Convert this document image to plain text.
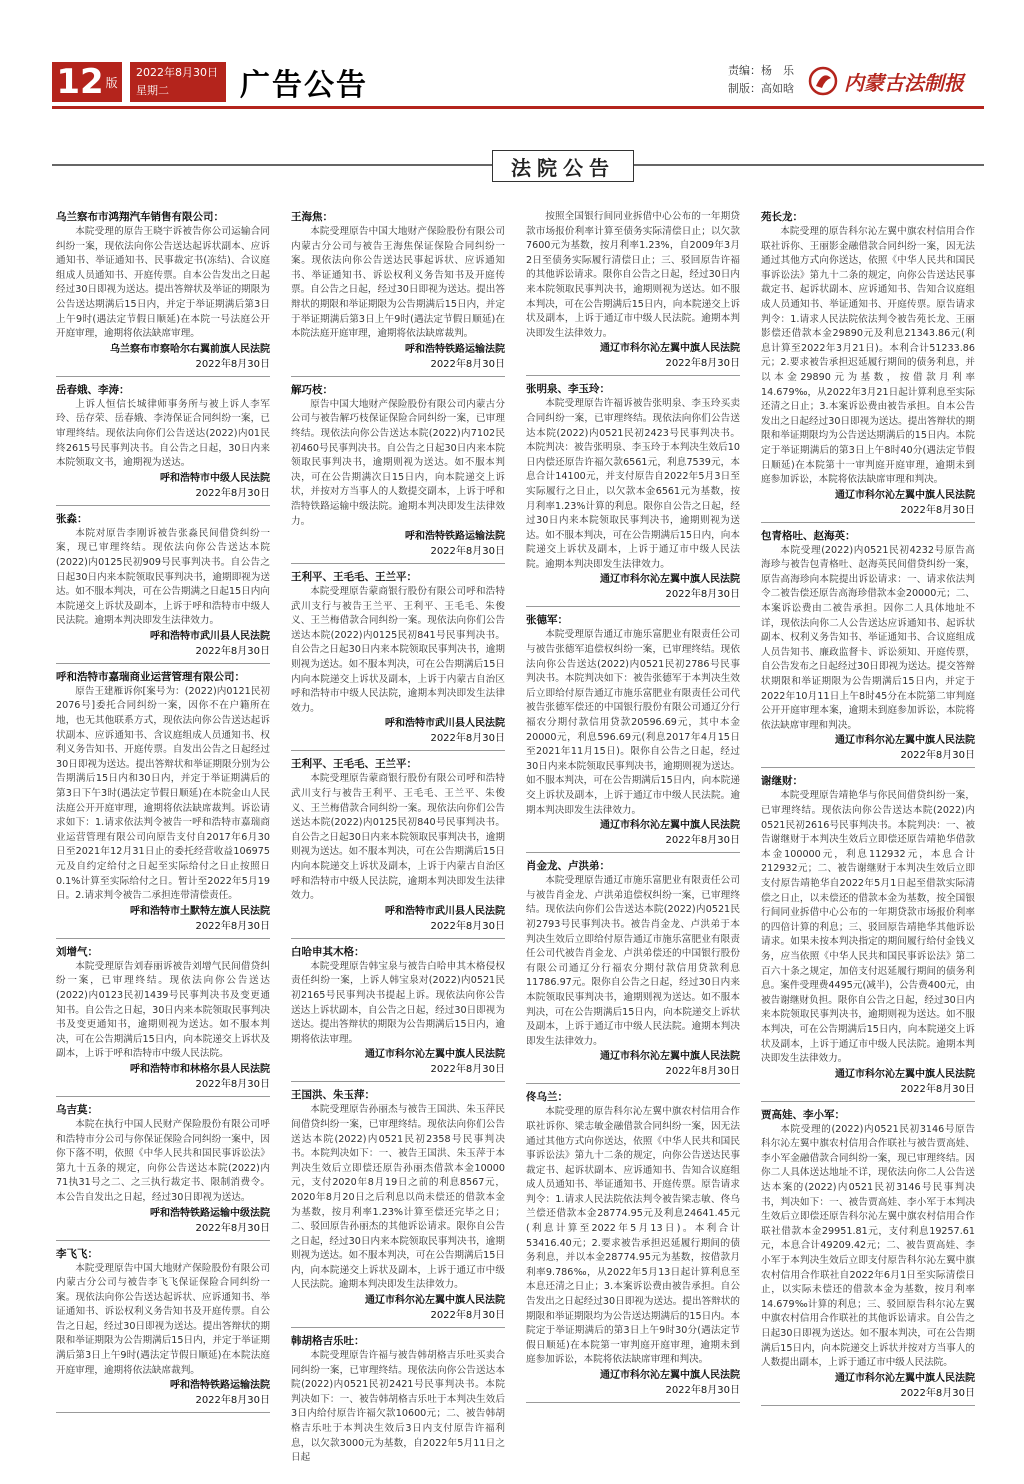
12 版
2022年8月30日
星期二	广告公告	责编：杨　乐
制版：高如晗	内蒙古法制报
法院公告
乌兰察布市鸿翔汽车销售有限公司：
本院受理的原告王晓宇诉被告你公司运输合同纠纷一案，现依法向你公告送达起诉状副本、应诉通知书、举证通知书、民事裁定书(冻结)、合议庭组成人员通知书、开庭传票。自本公告发出之日起经过30日即视为送达。提出答辩状及举证的期限为公告送达期满后15日内，并定于举证期满后第3日上午9时(遇法定节假日顺延)在本院一号法庭公开开庭审理，逾期将依法缺席审理。
乌兰察布市察哈尔右翼前旗人民法院
2022年8月30日
岳春娥、李涛：
上诉人恒信长城律师事务所与被上诉人李军玲、岳存荣、岳春娥、李涛保证合同纠纷一案，已审理终结。现依法向你们公告送达(2022)内01民终2615号民事判决书。自公告之日起，30日内来本院领取文书，逾期视为送达。
呼和浩特市中级人民法院
2022年8月30日
张淼：
本院对原告李刚诉被告张淼民间借贷纠纷一案，现已审理终结。现依法向你公告送达本院(2022)内0125民初909号民事判决书。自公告之日起30日内来本院领取民事判决书，逾期即视为送达。如不服本判决，可在公告期满之日起15日内向本院递交上诉状及副本，上诉于呼和浩特市中级人民法院。逾期本判决即发生法律效力。
呼和浩特市武川县人民法院
2022年8月30日
呼和浩特市嘉瑞商业运营管理有限公司：
原告王建雁诉你[案号为：(2022)内0121民初2076号]委托合同纠纷一案，因你不在户籍所在地，也无其他联系方式，现依法向你公告送达起诉状副本、应诉通知书、含议庭组成人员通知书、权利义务告知书、开庭传票。自发出公告之日起经过30日即视为送达。提出答辩状和举证期限分别为公告期满后15日内和30日内，并定于举证期满后的第3日下午3时(遇法定节假日顺延)在本院金山人民法庭公开开庭审理，逾期将依法缺席裁判。诉讼请求如下：1.请求依法判令被告一呼和浩特市嘉瑞商业运营管理有限公司向原告支付自2017年6月30日至2021年12月31日止的委托经营收益106975元及自约定给付之日起至实际给付之日止按照日0.1%计算至实际给付之日。暂计至2022年5月19日。2.请求判令被告二承担连带清偿责任。
呼和浩特市土默特左旗人民法院
2022年8月30日
刘增气：
本院受理原告刘春丽诉被告刘增气民间借贷纠纷一案，已审理终结。现依法向你公告送达(2022)内0123民初1439号民事判决书及变更通知书。自公告之日起，30日内来本院领取民事判决书及变更通知书，逾期则视为送达。如不服本判决，可在公告期满后15日内，向本院递交上诉状及副本，上诉于呼和浩特市中级人民法院。
呼和浩特市和林格尔县人民法院
2022年8月30日
乌吉莫：
本院在执行中国人民财产保险股份有限公司呼和浩特市分公司与你保证保险合同纠纷一案中，因你下落不明，依照《中华人民共和国民事诉讼法》第九十五条的规定，向你公告送达本院(2022)内71执31号之二、之三执行裁定书、限制消费令。本公告自发出之日起，经过30日即视为送达。
呼和浩特铁路运输中级法院
2022年8月30日
李飞飞：
本院受理原告中国大地财产保险股份有限公司内蒙古分公司与被告李飞飞保证保险合同纠纷一案。现依法向你公告送达起诉状、应诉通知书、举证通知书、诉讼权利义务告知书及开庭传票。自公告之日起，经过30日即视为送达。提出答辩状的期限和举证期限为公告期满后15日内，并定于举证期满后第3日上午9时(遇法定节假日顺延)在本院法庭开庭审理，逾期将依法缺席裁判。
呼和浩特铁路运输法院
2022年8月30日
王海焦：
本院受理原告中国大地财产保险股份有限公司内蒙古分公司与被告王海焦保证保险合同纠纷一案。现依法向你公告送达民事起诉状、应诉通知书、举证通知书、诉讼权利义务告知书及开庭传票。自公告之日起，经过30日即视为送达。提出答辩状的期限和举证期限为公告期满后15日内，并定于举证期满后第3日上午9时(遇法定节假日顺延)在本院法庭开庭审理，逾期将依法缺席裁判。
呼和浩特铁路运输法院
2022年8月30日
解巧枝：
原告中国大地财产保险股份有限公司内蒙古分公司与被告解巧枝保证保险合同纠纷一案，已审理终结。现依法向你公告送达本院(2022)内7102民初460号民事判决书。自公告之日起30日内来本院领取民事判决书，逾期则视为送达。如不服本判决，可在公告期满次日15日内，向本院递交上诉状，并按对方当事人的人数提交副本，上诉于呼和浩特铁路运输中级法院。逾期本判决即发生法律效力。
呼和浩特铁路运输法院
2022年8月30日
王利平、王毛毛、王兰平：
本院受理原告蒙商银行股份有限公司呼和浩特武川支行与被告王兰平、王利平、王毛毛、朱俊义、王兰梅借款合同纠纷一案。现依法向你们公告送达本院(2022)内0125民初841号民事判决书。自公告之日起30日内来本院领取民事判决书，逾期则视为送达。如不服本判决，可在公告期满后15日内向本院递交上诉状及副本，上诉于内蒙古自治区呼和浩特市中级人民法院，逾期本判决即发生法律效力。
呼和浩特市武川县人民法院
2022年8月30日
王利平、王毛毛、王兰平：
本院受理原告蒙商银行股份有限公司呼和浩特武川支行与被告王利平、王毛毛、王兰平、朱俊义、王兰梅借款合同纠纷一案。现依法向你们公告送达本院(2022)内0125民初840号民事判决书。自公告之日起30日内来本院领取民事判决书，逾期则视为送达。如不服本判决，可在公告期满后15日内向本院递交上诉状及副本，上诉于内蒙古自治区呼和浩特市中级人民法院，逾期本判决即发生法律效力。
呼和浩特市武川县人民法院
2022年8月30日
白哈申其木格：
本院受理原告韩宝泉与被告白哈申其木格侵权责任纠纷一案，上诉人韩宝泉对(2022)内0521民初2165号民事判决书提起上诉。现依法向你公告送达上诉状副本，自公告之日起，经过30日即视为送达。提出答辩状的期限为公告期满后15日内，逾期将依法审理。
通辽市科尔沁左翼中旗人民法院
2022年8月30日
王国洪、朱玉萍：
本院受理原告孙丽杰与被告王国洪、朱玉萍民间借贷纠纷一案，已审理终结。现依法向你们公告送达本院(2022)内0521民初2358号民事判决书。本院判决如下：一、被告王国洪、朱玉萍于本判决生效后立即偿还原告孙丽杰借款本金10000元，支付2020年8月19日之前的利息8567元，2020年8月20日之后利息以尚未偿还的借款本金为基数，按月利率1.23%计算至偿还完毕之日；二、驳回原告孙丽杰的其他诉讼请求。限你自公告之日起，经过30日内来本院领取民事判决书，逾期则视为送达。如不服本判决，可在公告期满后15日内，向本院递交上诉状及副本，上诉于通辽市中级人民法院。逾期本判决即发生法律效力。
通辽市科尔沁左翼中旗人民法院
2022年8月30日
韩胡格吉乐吐：
本院受理原告许福与被告韩胡格吉乐吐买卖合同纠纷一案，已审理终结。现依法向你公告送达本院(2022)内0521民初2421号民事判决书。本院判决如下：一、被告韩胡格吉乐吐于本判决生效后3日内给付原告许福欠款10600元；二、被告韩胡格吉乐吐于本判决生效后3日内支付原告许福利息，以欠款3000元为基数，自2022年5月11日之日起
按照全国银行间同业拆借中心公布的一年期贷款市场报价利率计算至债务实际清偿日止；以欠款7600元为基数，按月利率1.23%，自2009年3月2日至债务实际履行清偿日止；三、驳回原告许福的其他诉讼请求。限你自公告之日起，经过30日内来本院领取民事判决书，逾期则视为送达。如不服本判决，可在公告期满后15日内，向本院递交上诉状及副本，上诉于通辽市中级人民法院。逾期本判决即发生法律效力。
通辽市科尔沁左翼中旗人民法院
2022年8月30日
张明泉、李玉玲：
本院受理原告许福诉被告张明泉、李玉玲买卖合同纠纷一案，已审理终结。现依法向你们公告送达本院(2022)内0521民初2423号民事判决书。本院判决：被告张明泉、李玉玲于本判决生效后10日内偿还原告许福欠款6561元，利息7539元，本息合计14100元，并支付原告自2022年5月3日至实际履行之日止，以欠款本金6561元为基数，按月利率1.23%计算的利息。限你自公告之日起，经过30日内来本院领取民事判决书，逾期则视为送达。如不服本判决，可在公告期满后15日内，向本院递交上诉状及副本，上诉于通辽市中级人民法院。逾期本判决即发生法律效力。
通辽市科尔沁左翼中旗人民法院
2022年8月30日
张德军：
本院受理原告通辽市施乐富肥业有限责任公司与被告张德军追偿权纠纷一案，已审理终结。现依法向你公告送达(2022)内0521民初2786号民事判决书。本院判决如下：被告张德军于本判决生效后立即给付原告通辽市施乐富肥业有限责任公司代被告张德军偿还的中国银行股份有限公司通辽分行福农分期付款信用贷款20596.69元，其中本金20000元，利息596.69元(利息2017年4月15日至2021年11月15日)。限你自公告之日起，经过30日内来本院领取民事判决书，逾期则视为送达。如不服本判决，可在公告期满后15日内，向本院递交上诉状及副本，上诉于通辽市中级人民法院。逾期本判决即发生法律效力。
通辽市科尔沁左翼中旗人民法院
2022年8月30日
肖金龙、卢洪弟：
本院受理原告通辽市施乐富肥业有限责任公司与被告肖金龙、卢洪弟追偿权纠纷一案，已审理终结。现依法向你们公告送达本院(2022)内0521民初2793号民事判决书。被告肖金龙、卢洪弟于本判决生效后立即给付原告通辽市施乐富肥业有限责任公司代被告肖金龙、卢洪弟偿还的中国银行股份有限公司通辽分行福农分期付款信用贷款利息11786.97元。限你自公告之日起，经过30日内来本院领取民事判决书，逾期则视为送达。如不服本判决，可在公告期满后15日内，向本院递交上诉状及副本，上诉于通辽市中级人民法院。逾期本判决即发生法律效力。
通辽市科尔沁左翼中旗人民法院
2022年8月30日
佟乌兰：
本院受理的原告科尔沁左翼中旗农村信用合作联社诉你、梁志敏金融借款合同纠纷一案，因无法通过其他方式向你送达，依照《中华人民共和国民事诉讼法》第九十二条的规定，向你公告送达民事裁定书、起诉状副本、应诉通知书、告知合议庭组成人员通知书、举证通知书、开庭传票。原告请求判令：1.请求人民法院依法判令被告梁志敏、佟乌兰偿还借款本金28774.95元及利息24641.45元(利息计算至2022年5月13日)。本利合计53416.40元；2.要求被告承担迟延履行期间的债务利息，并以本金28774.95元为基数，按借款月利率9.786‰，从2022年5月13日起计算利息至本息还清之日止；3.本案诉讼费由被告承担。自公告发出之日起经过30日即视为送达。提出答辩状的期限和举证期限均为公告送达期满后的15日内。本院定于举证期满后的第3日上午9时30分(遇法定节假日顺延)在本院第一审判庭开庭审理，逾期未到庭参加诉讼，本院将依法缺席审理和判决。
通辽市科尔沁左翼中旗人民法院
2022年8月30日
苑长龙：
本院受理的原告科尔沁左翼中旗农村信用合作联社诉你、王丽影金融借款合同纠纷一案，因无法通过其他方式向你送达，依照《中华人民共和国民事诉讼法》第九十二条的规定，向你公告送达民事裁定书、起诉状副本、应诉通知书、告知合议庭组成人员通知书、举证通知书、开庭传票。原告请求判令：1.请求人民法院依法判令被告苑长龙、王丽影偿还借款本金29890元及利息21343.86元(利息计算至2022年3月21日)。本利合计51233.86元；2.要求被告承担迟延履行期间的债务利息，并以本金29890元为基数，按借款月利率14.679‰，从2022年3月21日起计算利息至实际还清之日止；3.本案诉讼费由被告承担。自本公告发出之日起经过30日即视为送达。提出答辩状的期限和举证期限均为公告送达期满后的15日内。本院定于举证期满后的第3日上午8时40分(遇法定节假日顺延)在本院第十一审判庭开庭审理，逾期未到庭参加诉讼，本院将依法缺席审理和判决。
通辽市科尔沁左翼中旗人民法院
2022年8月30日
包青格吐、赵海英：
本院受理(2022)内0521民初4232号原告高海珍与被告包青格吐、赵海英民间借贷纠纷一案，原告高海珍向本院提出诉讼请求：一、请求依法判令二被告偿还原告高海珍借款本金20000元；二、本案诉讼费由二被告承担。因你二人具体地址不详，现依法向你二人公告送达应诉通知书、起诉状副本、权利义务告知书、举证通知书、合议庭组成人员告知书、廉政监督卡、诉讼须知、开庭传票，自公告发布之日起经过30日即视为送达。提交答辩状期限和举证期限为公告期满后15日内，并定于2022年10月11日上午8时45分在本院第二审判庭公开开庭审理本案，逾期未到庭参加诉讼，本院将依法缺席审理和判决。
通辽市科尔沁左翼中旗人民法院
2022年8月30日
谢继财：
本院受理原告靖艳华与你民间借贷纠纷一案，已审理终结。现依法向你公告送达本院(2022)内0521民初2616号民事判决书。本院判决：一、被告谢继财于本判决生效后立即偿还原告靖艳华借款本金100000元，利息112932元，本息合计212932元；二、被告谢继财于本判决生效后立即支付原告靖艳华自2022年5月1日起至借款实际清偿之日止，以未偿还的借款本金为基数，按全国银行间同业拆借中心公布的一年期贷款市场报价利率的四倍计算的利息；三、驳回原告靖艳华其他诉讼请求。如果未按本判决指定的期间履行给付金钱义务，应当依照《中华人民共和国民事诉讼法》第二百六十条之规定，加倍支付迟延履行期间的债务利息。案件受理费4495元(减半)，公告费400元，由被告谢继财负担。限你自公告之日起，经过30日内来本院领取民事判决书，逾期则视为送达。如不服本判决，可在公告期满后15日内，向本院递交上诉状及副本，上诉于通辽市中级人民法院。逾期本判决即发生法律效力。
通辽市科尔沁左翼中旗人民法院
2022年8月30日
贾高娃、李小军：
本院受理的(2022)内0521民初3146号原告科尔沁左翼中旗农村信用合作联社与被告贾高娃、李小军金融借款合同纠纷一案，现已审理终结。因你二人具体送达地址不详，现依法向你二人公告送达本案的(2022)内0521民初3146号民事判决书，判决如下：一、被告贾高娃、李小军于本判决生效后立即偿还原告科尔沁左翼中旗农村信用合作联社借款本金29951.81元，支付利息19257.61元，本息合计49209.42元；二、被告贾高娃、李小军于本判决生效后立即支付原告科尔沁左翼中旗农村信用合作联社自2022年6月1日至实际清偿日止，以实际未偿还的借款本金为基数，按月利率14.679‰计算的利息；三、驳回原告科尔沁左翼中旗农村信用合作联社的其他诉讼请求。自公告之日起30日即视为送达。如不服本判决，可在公告期满后15日内，向本院递交上诉状并按对方当事人的人数提出副本，上诉于通辽市中级人民法院。
通辽市科尔沁左翼中旗人民法院
2022年8月30日
